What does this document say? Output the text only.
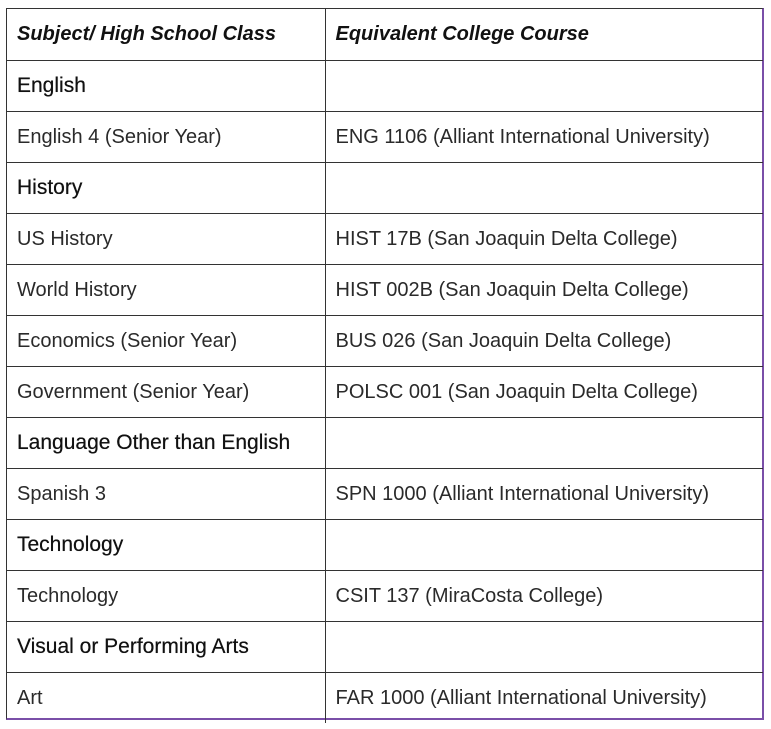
Subject/ High School Class	Equivalent College Course
English	
English 4 (Senior Year)	ENG 1106 (Alliant International University)
History	
US History	HIST 17B (San Joaquin Delta College)
World History	HIST 002B (San Joaquin Delta College)
Economics (Senior Year)	BUS 026 (San Joaquin Delta College)
Government (Senior Year)	POLSC 001 (San Joaquin Delta College)
Language Other than English	
Spanish 3	SPN 1000 (Alliant International University)
Technology	
Technology	CSIT 137 (MiraCosta College)
Visual or Performing Arts	
Art	FAR 1000 (Alliant International University)
